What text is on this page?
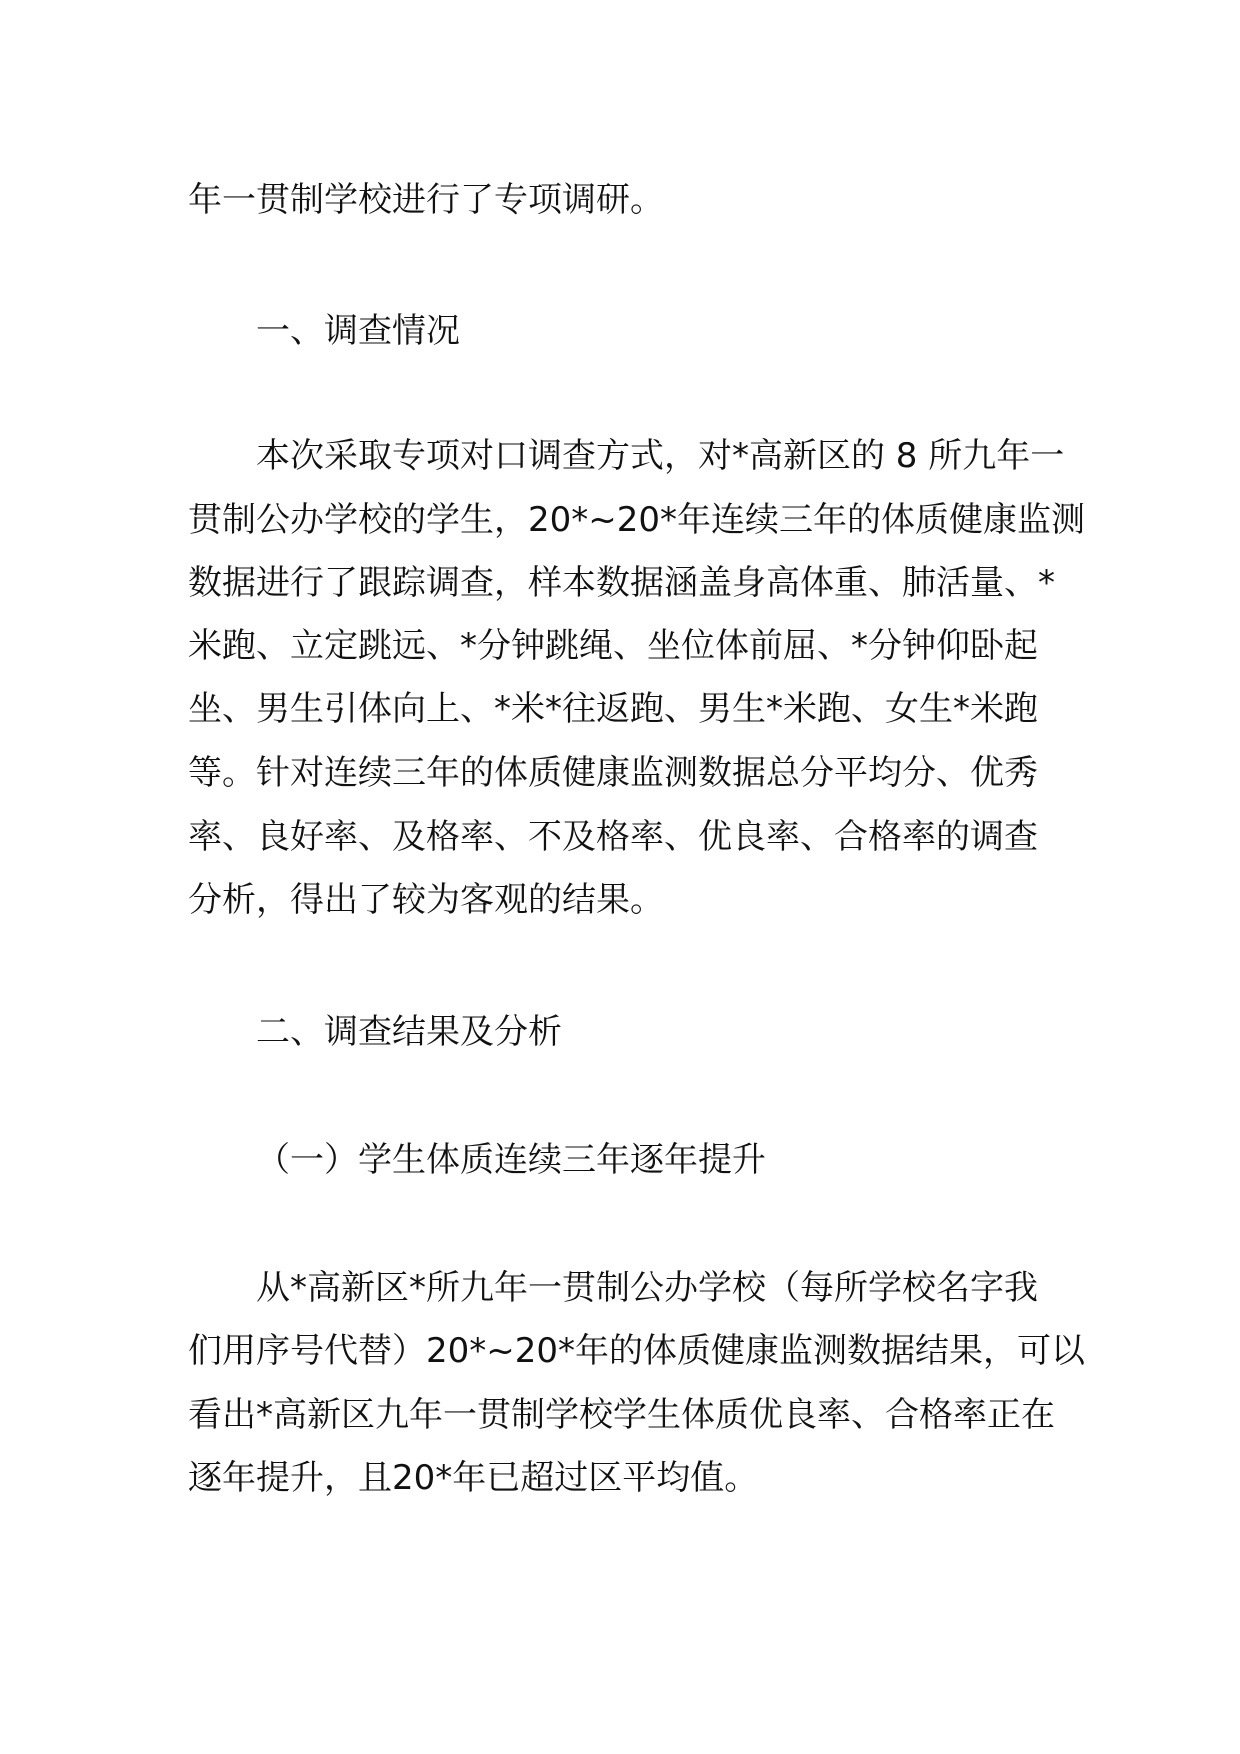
年一贯制学校进行了专项调研。
一、调查情况
本次采取专项对口调查方式，对*高新区的 8 所九年一
贯制公办学校的学生，20*~20*年连续三年的体质健康监测
数据进行了跟踪调查，样本数据涵盖身高体重、肺活量、*
米跑、立定跳远、*分钟跳绳、坐位体前屈、*分钟仰卧起
坐、男生引体向上、*米*往返跑、男生*米跑、女生*米跑
等。针对连续三年的体质健康监测数据总分平均分、优秀
率、良好率、及格率、不及格率、优良率、合格率的调查
分析，得出了较为客观的结果。
二、调查结果及分析
（一）学生体质连续三年逐年提升
从*高新区*所九年一贯制公办学校（每所学校名字我
们用序号代替）20*~20*年的体质健康监测数据结果，可以
看出*高新区九年一贯制学校学生体质优良率、合格率正在
逐年提升，且20*年已超过区平均值。
